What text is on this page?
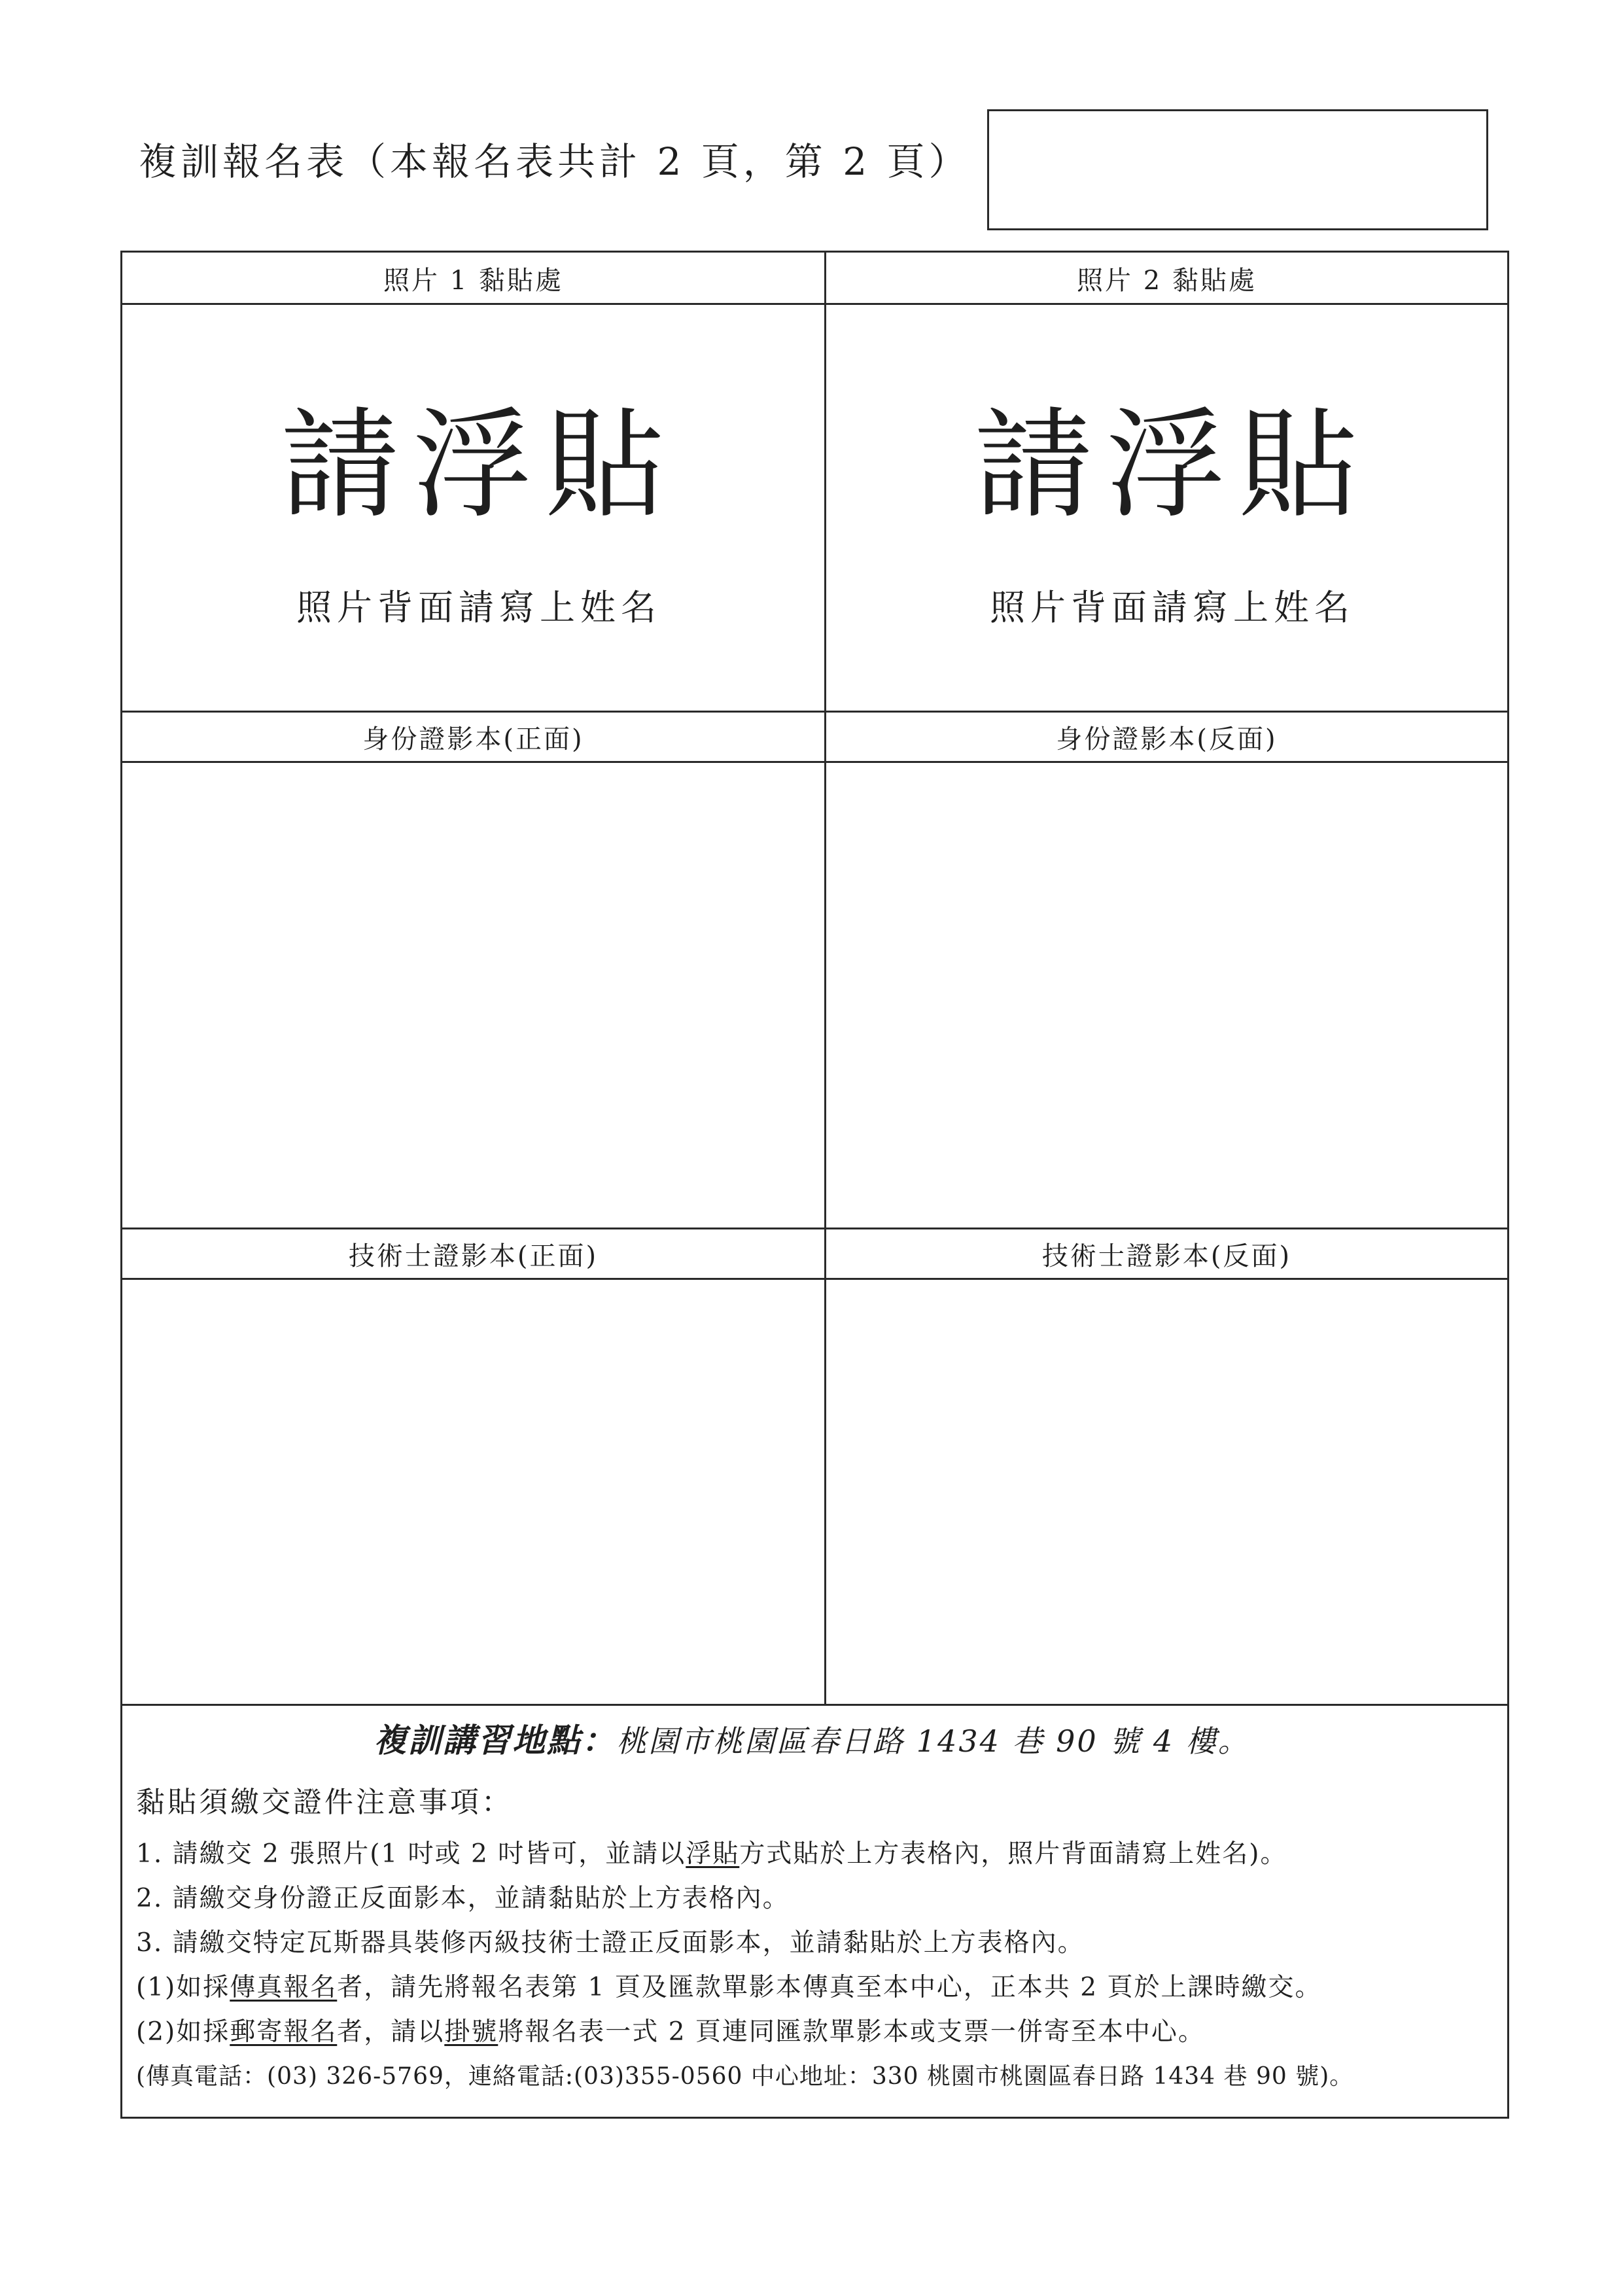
複訓報名表（本報名表共計 2 頁，第 2 頁）
照片 1 黏貼處	照片 2 黏貼處
請浮貼	請浮貼
照片背面請寫上姓名	照片背面請寫上姓名
身份證影本(正面)	身份證影本(反面)
技術士證影本(正面)	技術士證影本(反面)
複訓講習地點：桃園市桃園區春日路 1434 巷 90 號 4 樓。
黏貼須繳交證件注意事項：
1. 請繳交 2 張照片(1 吋或 2 吋皆可，並請以浮貼方式貼於上方表格內，照片背面請寫上姓名)。
2. 請繳交身份證正反面影本，並請黏貼於上方表格內。
3. 請繳交特定瓦斯器具裝修丙級技術士證正反面影本，並請黏貼於上方表格內。
(1)如採傳真報名者，請先將報名表第 1 頁及匯款單影本傳真至本中心，正本共 2 頁於上課時繳交。
(2)如採郵寄報名者，請以掛號將報名表一式 2 頁連同匯款單影本或支票一併寄至本中心。
(傳真電話：(03) 326-5769，連絡電話:(03)355-0560 中心地址：330 桃園市桃園區春日路 1434 巷 90 號)。
